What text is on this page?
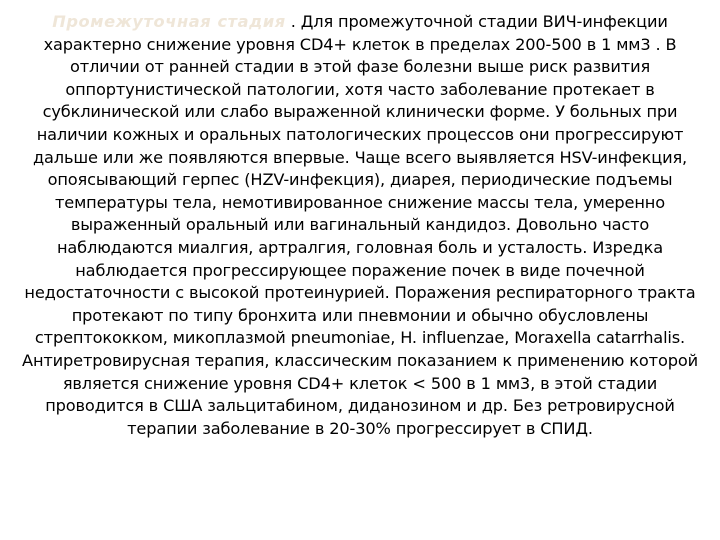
Промежуточная стадия . Для промежуточной стадии ВИЧ-инфекции характерно снижение уровня CD4+ клеток в пределах 200-500 в 1 мм3 . В отличии от ранней стадии в этой фазе болезни выше риск развития оппортунистической патологии, хотя часто заболевание протекает в субклинической или слабо выраженной клинически форме. У больных при наличии кожных и оральных патологических процессов они прогрессируют дальше или же появляются впервые. Чаще всего выявляется HSV-инфекция, опоясывающий герпес (HZV-инфекция), диарея, периодические подъемы температуры тела, немотивированное снижение массы тела, умеренно выраженный оральный или вагинальный кандидоз. Довольно часто наблюдаются миалгия, артралгия, головная боль и усталость. Изредка наблюдается прогрессирующее поражение почек в виде почечной недостаточности с высокой протеинурией. Поражения респираторного тракта протекают по типу бронхита или пневмонии и обычно обусловлены стрептококком, микоплазмой pneumoniae, H. influenzae, Moraxella catarrhalis.

Антиретровирусная терапия, классическим показанием к применению которой является снижение уровня CD4+ клеток < 500 в 1 мм3, в этой стадии проводится в США зальцитабином, диданозином и др. Без ретровирусной терапии заболевание в 20-30% прогрессирует в СПИД.
